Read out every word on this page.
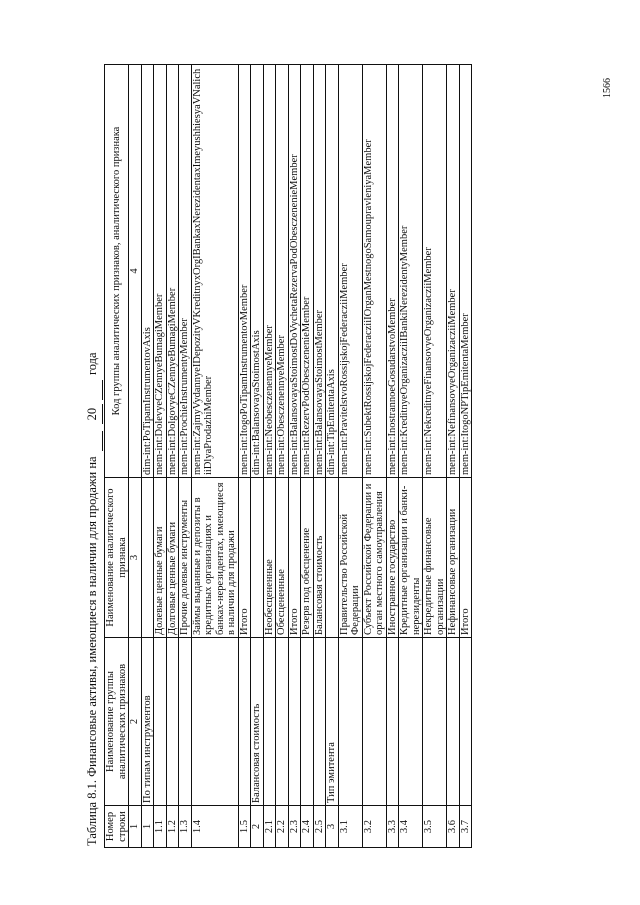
1566
Таблица 8.1. Финансовые активы, имеющиеся в наличии для продажи на      20   года
Номер строки	Наименование группы аналитических признаков	Наименование аналитического признака	Код группы аналитических признаков, аналитического признака
1	2	3	4
1	По типам инструментов		dim-int:PoTipamInstrumentovAxis
1.1		Долевые ценные бумаги	mem-int:DolevyeCZennyeBumagiMember
1.2		Долговые ценные бумаги	mem-int:DolgovyeCZennyeBumagiMember
1.3		Прочие долевые инструменты	mem-int:ProchieInstrumentyMember
1.4		Займы выданные и депозиты в кредитных организациях и банках-нерезидентах, имеющиеся в наличии для продажи	mem-int:ZajmyVydannyeIDepozityVKreditnyxOrgIBankaxNerezidentaxImeyushhiesyaVNalichiiDlyaProdazhiMember
1.5		Итого	mem-int:ItogoPoTipamInstrumentovMember
2	Балансовая стоимость		dim-int:BalansovayaStoimostAxis
2.1		Необесцененные	mem-int:NeobesczenennyeMember
2.2		Обесцененные	mem-int:ObesczenennyeMember
2.3		Итого	mem-int:BalansovayaStoimostDoVychetaRezervaPodObesczenenieMember
2.4		Резерв под обесценение	mem-int:RezervPodObesczenenieMember
2.5		Балансовая стоимость	mem-int:BalansovayaStoimostMember
3	Тип эмитента		dim-int:TipEmitentaAxis
3.1		Правительство Российской Федерации	mem-int:PravitelstvoRossijskojFederacziiMember
3.2		Субъект Российской Федерации и орган местного самоуправления	mem-int:SubektRossijskojFederacziiIOrganMestnogoSamoupravleniyaMember
3.3		Иностранное государство	mem-int:InostrannoeGosudarstvoMember
3.4		Кредитные организации и банки-нерезиденты	mem-int:KreditnyeOrganizacziiIBankiNerezidentyMember
3.5		Некредитные финансовые организации	mem-int:NekreditnyeFinansovyeOrganizacziiMember
3.6		Нефинансовые организации	mem-int:NefinansovyeOrganizacziiMember
3.7		Итого	mem-int:ItogoNPTipEmitentaMember
